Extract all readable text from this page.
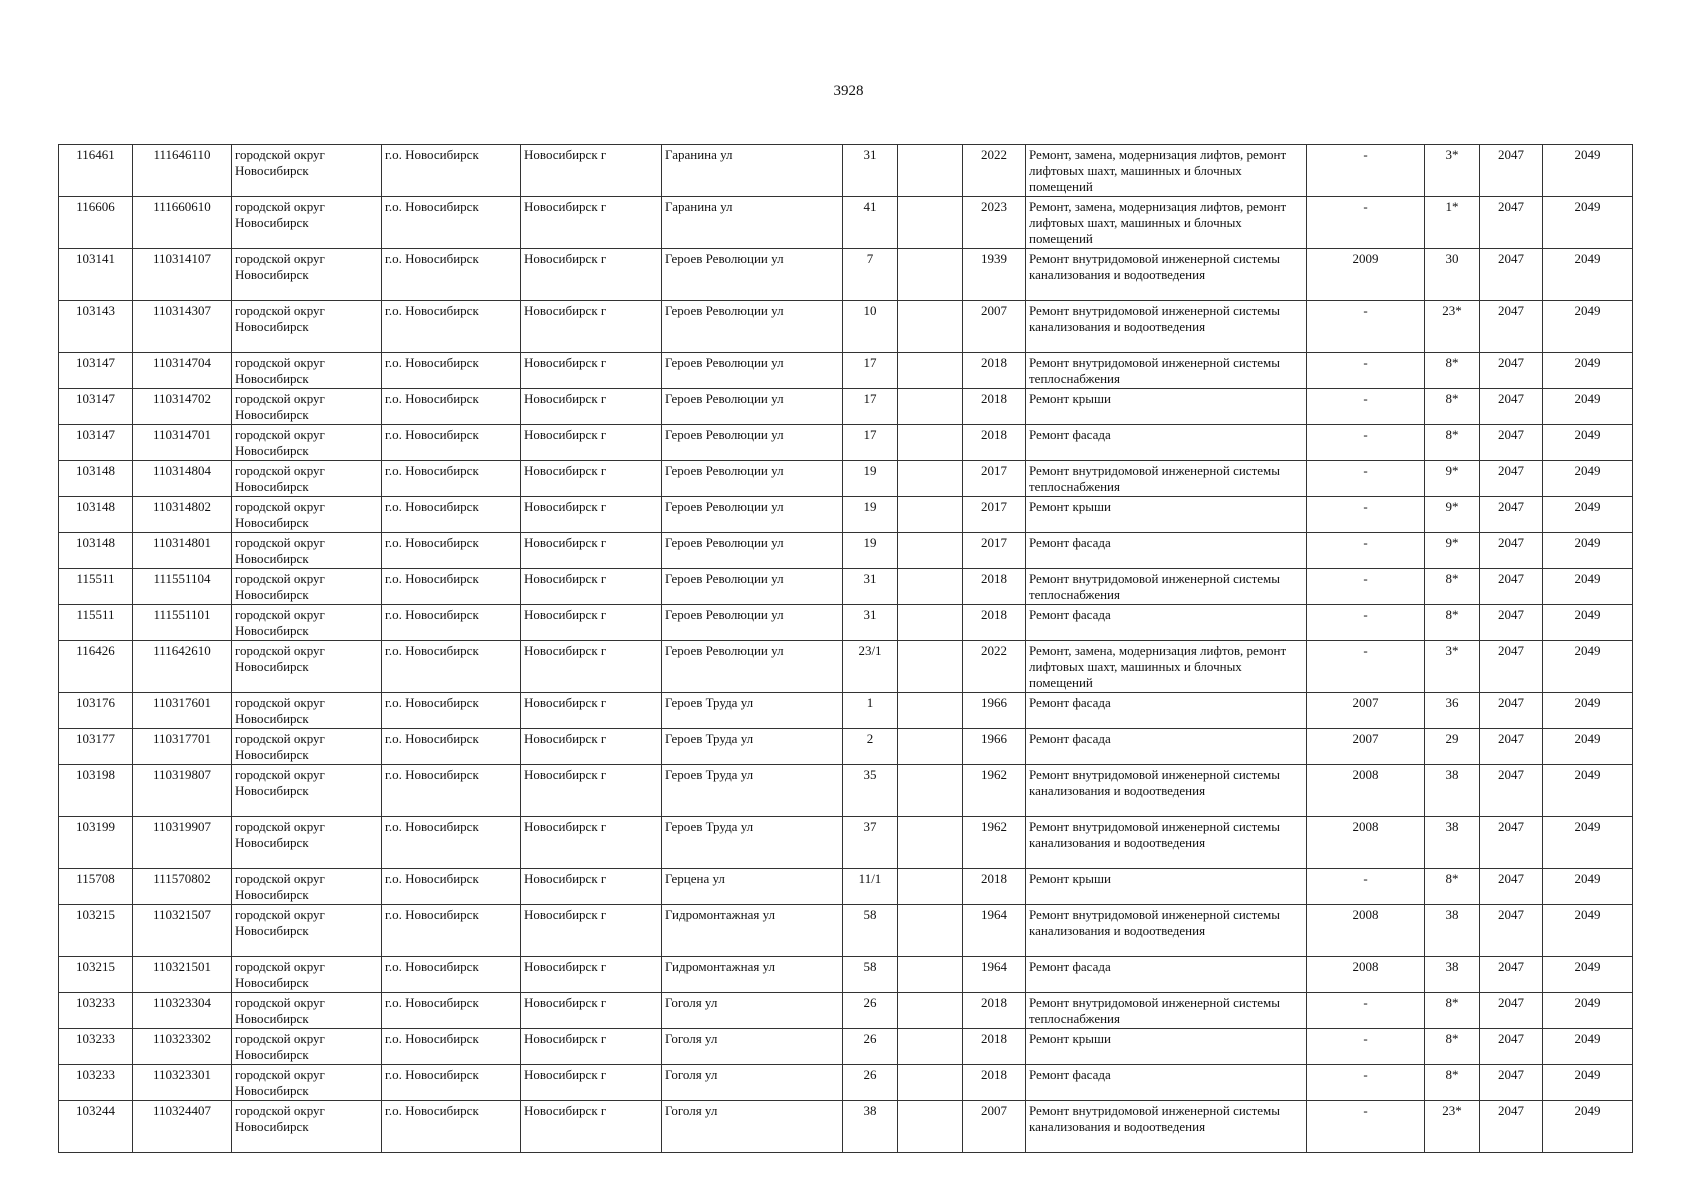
3928
116461	111646110	городской округ Новосибирск	г.о. Новосибирск	Новосибирск г	Гаранина ул	31		2022	Ремонт, замена, модернизация лифтов, ремонт лифтовых шахт, машинных и блочных помещений	-	3*	2047	2049
116606	111660610	городской округ Новосибирск	г.о. Новосибирск	Новосибирск г	Гаранина ул	41		2023	Ремонт, замена, модернизация лифтов, ремонт лифтовых шахт, машинных и блочных помещений	-	1*	2047	2049
103141	110314107	городской округ Новосибирск	г.о. Новосибирск	Новосибирск г	Героев Революции ул	7		1939	Ремонт внутридомовой инженерной системы канализования и водоотведения	2009	30	2047	2049
103143	110314307	городской округ Новосибирск	г.о. Новосибирск	Новосибирск г	Героев Революции ул	10		2007	Ремонт внутридомовой инженерной системы канализования и водоотведения	-	23*	2047	2049
103147	110314704	городской округ Новосибирск	г.о. Новосибирск	Новосибирск г	Героев Революции ул	17		2018	Ремонт внутридомовой инженерной системы теплоснабжения	-	8*	2047	2049
103147	110314702	городской округ Новосибирск	г.о. Новосибирск	Новосибирск г	Героев Революции ул	17		2018	Ремонт крыши	-	8*	2047	2049
103147	110314701	городской округ Новосибирск	г.о. Новосибирск	Новосибирск г	Героев Революции ул	17		2018	Ремонт фасада	-	8*	2047	2049
103148	110314804	городской округ Новосибирск	г.о. Новосибирск	Новосибирск г	Героев Революции ул	19		2017	Ремонт внутридомовой инженерной системы теплоснабжения	-	9*	2047	2049
103148	110314802	городской округ Новосибирск	г.о. Новосибирск	Новосибирск г	Героев Революции ул	19		2017	Ремонт крыши	-	9*	2047	2049
103148	110314801	городской округ Новосибирск	г.о. Новосибирск	Новосибирск г	Героев Революции ул	19		2017	Ремонт фасада	-	9*	2047	2049
115511	111551104	городской округ Новосибирск	г.о. Новосибирск	Новосибирск г	Героев Революции ул	31		2018	Ремонт внутридомовой инженерной системы теплоснабжения	-	8*	2047	2049
115511	111551101	городской округ Новосибирск	г.о. Новосибирск	Новосибирск г	Героев Революции ул	31		2018	Ремонт фасада	-	8*	2047	2049
116426	111642610	городской округ Новосибирск	г.о. Новосибирск	Новосибирск г	Героев Революции ул	23/1		2022	Ремонт, замена, модернизация лифтов, ремонт лифтовых шахт, машинных и блочных помещений	-	3*	2047	2049
103176	110317601	городской округ Новосибирск	г.о. Новосибирск	Новосибирск г	Героев Труда ул	1		1966	Ремонт фасада	2007	36	2047	2049
103177	110317701	городской округ Новосибирск	г.о. Новосибирск	Новосибирск г	Героев Труда ул	2		1966	Ремонт фасада	2007	29	2047	2049
103198	110319807	городской округ Новосибирск	г.о. Новосибирск	Новосибирск г	Героев Труда ул	35		1962	Ремонт внутридомовой инженерной системы канализования и водоотведения	2008	38	2047	2049
103199	110319907	городской округ Новосибирск	г.о. Новосибирск	Новосибирск г	Героев Труда ул	37		1962	Ремонт внутридомовой инженерной системы канализования и водоотведения	2008	38	2047	2049
115708	111570802	городской округ Новосибирск	г.о. Новосибирск	Новосибирск г	Герцена ул	11/1		2018	Ремонт крыши	-	8*	2047	2049
103215	110321507	городской округ Новосибирск	г.о. Новосибирск	Новосибирск г	Гидромонтажная ул	58		1964	Ремонт внутридомовой инженерной системы канализования и водоотведения	2008	38	2047	2049
103215	110321501	городской округ Новосибирск	г.о. Новосибирск	Новосибирск г	Гидромонтажная ул	58		1964	Ремонт фасада	2008	38	2047	2049
103233	110323304	городской округ Новосибирск	г.о. Новосибирск	Новосибирск г	Гоголя ул	26		2018	Ремонт внутридомовой инженерной системы теплоснабжения	-	8*	2047	2049
103233	110323302	городской округ Новосибирск	г.о. Новосибирск	Новосибирск г	Гоголя ул	26		2018	Ремонт крыши	-	8*	2047	2049
103233	110323301	городской округ Новосибирск	г.о. Новосибирск	Новосибирск г	Гоголя ул	26		2018	Ремонт фасада	-	8*	2047	2049
103244	110324407	городской округ Новосибирск	г.о. Новосибирск	Новосибирск г	Гоголя ул	38		2007	Ремонт внутридомовой инженерной системы канализования и водоотведения	-	23*	2047	2049
